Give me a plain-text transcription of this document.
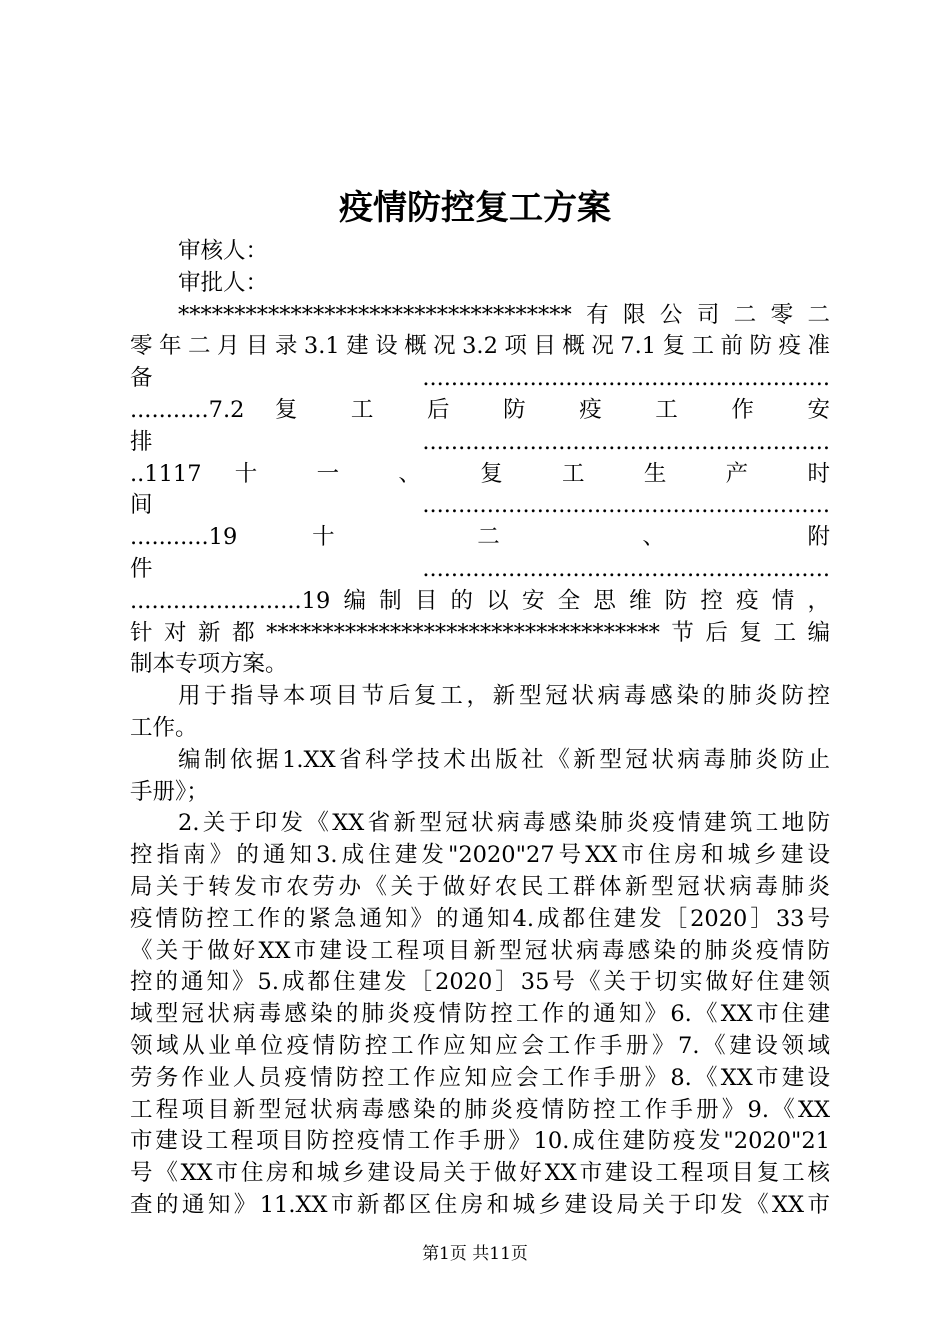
疫情防控复工方案
审核人：
审批人：
***********************************有限公司二零二
零年二月目录3.1建设概况3.2项目概况7.1复工前防疫准
备.........................................................
...........7.2 复 工 后 防 疫 工 作 安
排.........................................................
..1117 十 一 、 复 工 生 产 时
间.........................................................
...........19 十 二 、 附
件.........................................................
........................19编制目的以安全思维防控疫情，
针对新都***********************************节后复工编
制本专项方案。
用于指导本项目节后复工，新型冠状病毒感染的肺炎防控
工作。
编制依据1.XX省科学技术出版社《新型冠状病毒肺炎防止
手册》；
2.关于印发《XX省新型冠状病毒感染肺炎疫情建筑工地防
控指南》的通知3.成住建发"2020"27号XX市住房和城乡建设
局关于转发市农劳办《关于做好农民工群体新型冠状病毒肺炎
疫情防控工作的紧急通知》的通知4.成都住建发［2020］33号
《关于做好XX市建设工程项目新型冠状病毒感染的肺炎疫情防
控的通知》5.成都住建发［2020］35号《关于切实做好住建领
域型冠状病毒感染的肺炎疫情防控工作的通知》6.《XX市住建
领域从业单位疫情防控工作应知应会工作手册》7.《建设领域
劳务作业人员疫情防控工作应知应会工作手册》8.《XX市建设
工程项目新型冠状病毒感染的肺炎疫情防控工作手册》9.《XX
市建设工程项目防控疫情工作手册》10.成住建防疫发"2020"21
号《XX市住房和城乡建设局关于做好XX市建设工程项目复工核
查的通知》11.XX市新都区住房和城乡建设局关于印发《XX市
第1页 共11页
